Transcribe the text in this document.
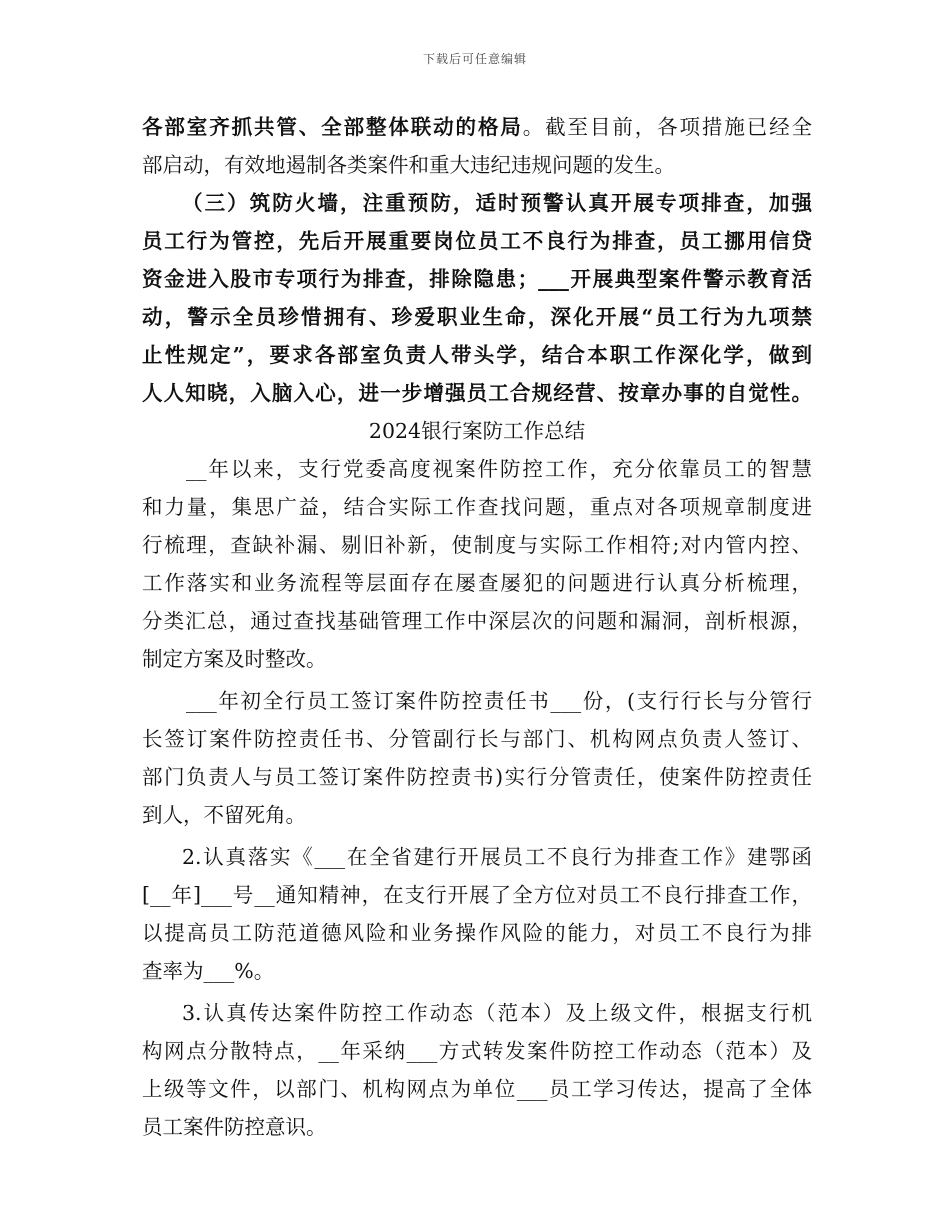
下载后可任意编辑
各部室齐抓共管、全部整体联动的格局。截至目前，各项措施已经全
部启动，有效地遏制各类案件和重大违纪违规问题的发生。
（三）筑防火墙，注重预防，适时预警认真开展专项排查，加强
员工行为管控，先后开展重要岗位员工不良行为排查，员工挪用信贷
资金进入股市专项行为排查，排除隐患；___开展典型案件警示教育活
动，警示全员珍惜拥有、珍爱职业生命，深化开展“员工行为九项禁
止性规定”，要求各部室负责人带头学，结合本职工作深化学，做到
人人知晓，入脑入心，进一步增强员工合规经营、按章办事的自觉性。
2024银行案防工作总结
__年以来，支行党委高度视案件防控工作，充分依靠员工的智慧
和力量，集思广益，结合实际工作查找问题，重点对各项规章制度进
行梳理，查缺补漏、剔旧补新，使制度与实际工作相符;对内管内控、
工作落实和业务流程等层面存在屡查屡犯的问题进行认真分析梳理，
分类汇总，通过查找基础管理工作中深层次的问题和漏洞，剖析根源，
制定方案及时整改。
___年初全行员工签订案件防控责任书___份，(支行行长与分管行
长签订案件防控责任书、分管副行长与部门、机构网点负责人签订、
部门负责人与员工签订案件防控责书)实行分管责任，使案件防控责任
到人，不留死角。
2.认真落实《___在全省建行开展员工不良行为排查工作》建鄂函
[__年]___号__通知精神，在支行开展了全方位对员工不良行排查工作，
以提高员工防范道德风险和业务操作风险的能力，对员工不良行为排
查率为___%。
3.认真传达案件防控工作动态（范本）及上级文件，根据支行机
构网点分散特点，__年采纳___方式转发案件防控工作动态（范本）及
上级等文件，以部门、机构网点为单位___员工学习传达，提高了全体
员工案件防控意识。
